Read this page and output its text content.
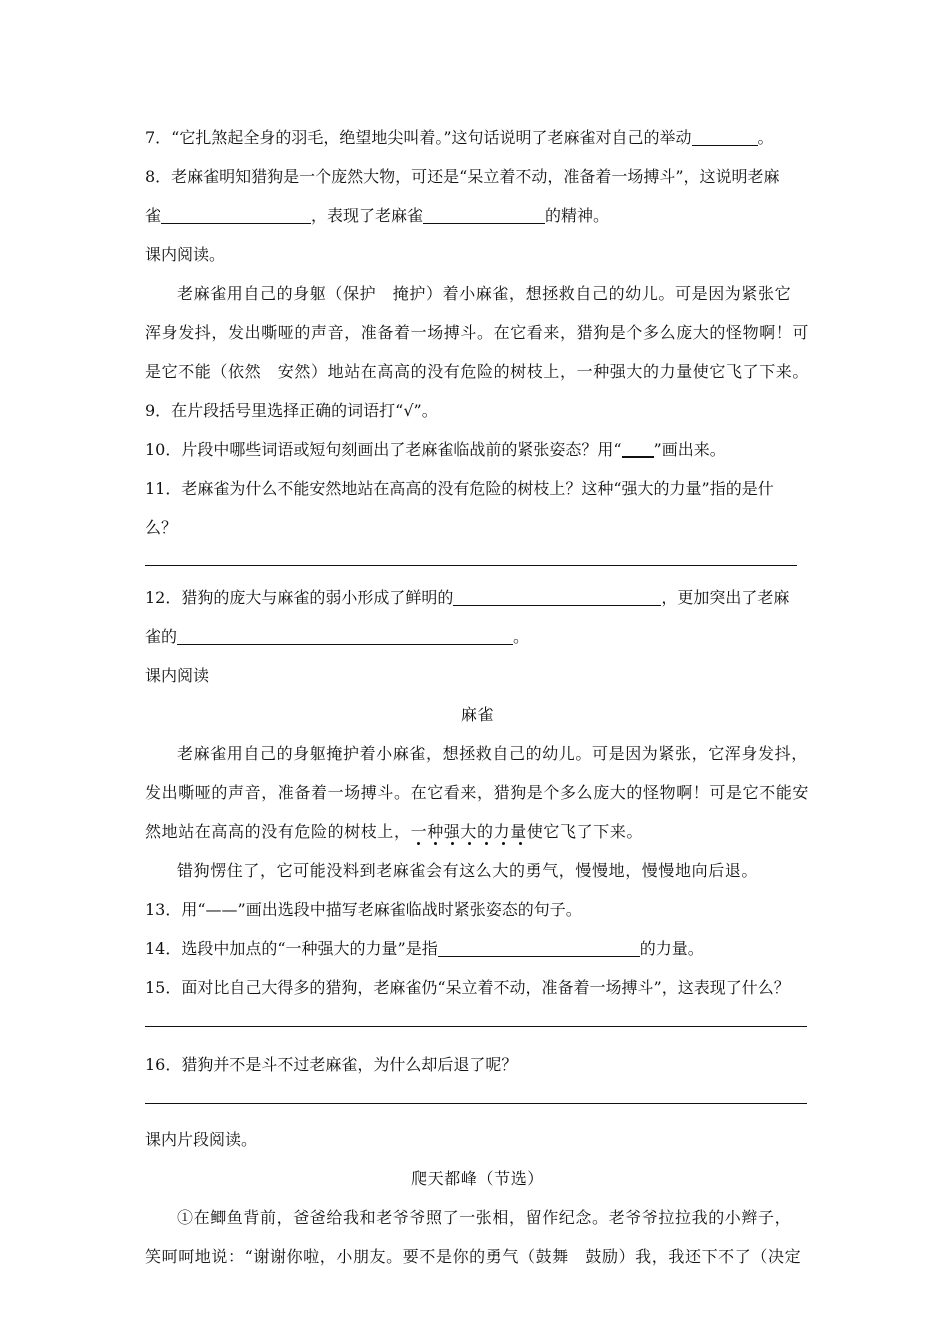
7．“它扎煞起全身的羽毛，绝望地尖叫着。”这句话说明了老麻雀对自己的举动	。
8．老麻雀明知猎狗是一个庞然大物，可还是“呆立着不动，准备着一场搏斗”，这说明老麻
雀	，表现了老麻雀	的精神。
课内阅读。
老麻雀用自己的身躯（保护　掩护）着小麻雀，想拯救自己的幼儿。可是因为紧张它
浑身发抖，发出嘶哑的声音，准备着一场搏斗。在它看来，猎狗是个多么庞大的怪物啊！可
是它不能（依然　安然）地站在高高的没有危险的树枝上，一种强大的力量使它飞了下来。
9．在片段括号里选择正确的词语打“√”。
10．片段中哪些词语或短句刻画出了老麻雀临战前的紧张姿态？用“ ”画出来。
11．老麻雀为什么不能安然地站在高高的没有危险的树枝上？这种“强大的力量”指的是什
么？
12．猎狗的庞大与麻雀的弱小形成了鲜明的	，更加突出了老麻
雀的	。
课内阅读
麻雀
老麻雀用自己的身躯掩护着小麻雀，想拯救自己的幼儿。可是因为紧张，它浑身发抖，
发出嘶哑的声音，准备着一场搏斗。在它看来，猎狗是个多么庞大的怪物啊！可是它不能安
然地站在高高的没有危险的树枝上，一种强大的力量
使它飞了下来。
错狗愣住了，它可能没料到老麻雀会有这么大的勇气，慢慢地，慢慢地向后退。
13．用“——”画出选段中描写老麻雀临战时紧张姿态的句子。
14．选段中加点的“一种强大的力量”是指	的力量。
15．面对比自己大得多的猎狗，老麻雀仍“呆立着不动，准备着一场搏斗”，这表现了什么？
16．猎狗并不是斗不过老麻雀，为什么却后退了呢？
课内片段阅读。
爬天都峰（节选）
①在鲫鱼背前，爸爸给我和老爷爷照了一张相，留作纪念。老爷爷拉拉我的小辫子，
笑呵呵地说：“谢谢你啦，小朋友。要不是你的勇气（鼓舞　鼓励）我，我还下不了（决定
